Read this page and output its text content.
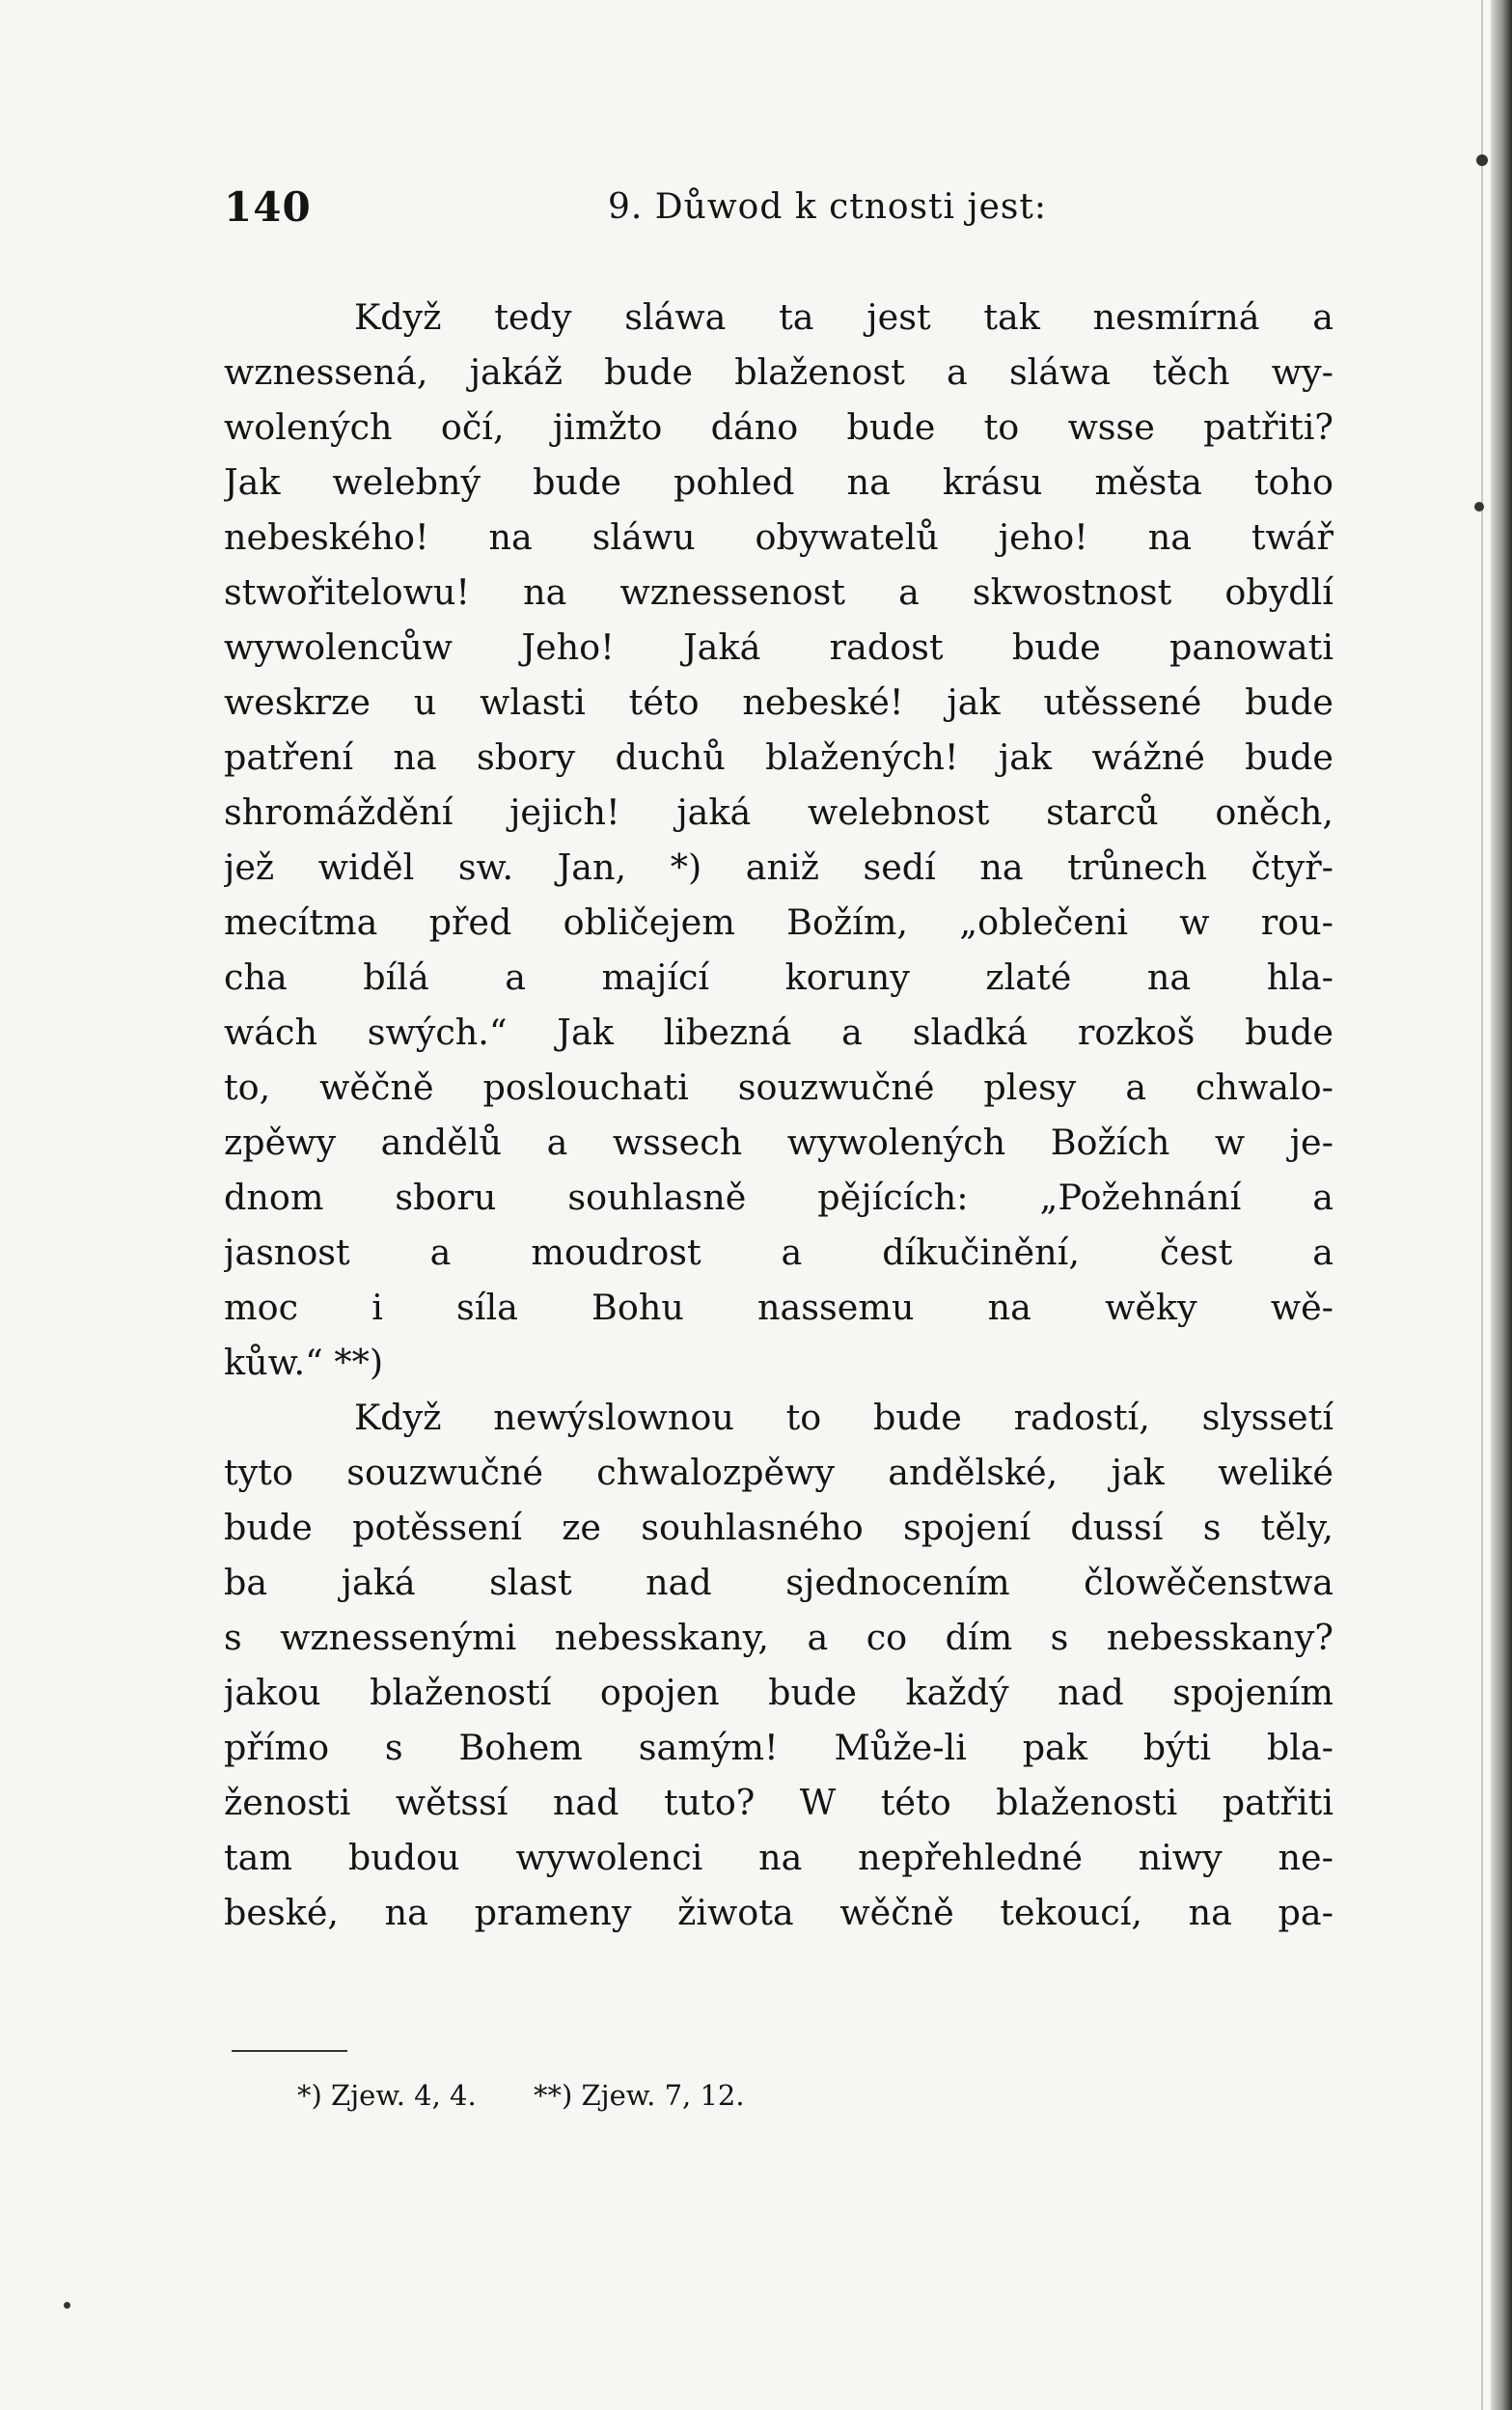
140	9. Důwod k ctnosti jest:
Když tedy sláwa ta jest tak nesmírná a
wznessená, jakáž bude blaženost a sláwa těch wy-
wolených očí, jimžto dáno bude to wsse patřiti?
Jak welebný bude pohled na krásu města toho
nebeského! na sláwu obywatelů jeho! na twář
stwořitelowu! na wznessenost a skwostnost obydlí
wywolencůw Jeho! Jaká radost bude panowati
weskrze u wlasti této nebeské! jak utěssené bude
patření na sbory duchů blažených! jak wážné bude
shromáždění jejich! jaká welebnost starců oněch,
jež widěl sw. Jan, *) aniž sedí na trůnech čtyř-
mecítma před obličejem Božím, „oblečeni w rou-
cha bílá a mající koruny zlaté na hla-
wách swých.“ Jak libezná a sladká rozkoš bude
to, wěčně poslouchati souzwučné plesy a chwalo-
zpěwy andělů a wssech wywolených Božích w je-
dnom sboru souhlasně pějících: „Požehnání a
jasnost a moudrost a díkučinění, čest a
moc i síla Bohu nassemu na wěky wě-
kůw.“ **)
Když newýslownou to bude radostí, slyssetí
tyto souzwučné chwalozpěwy andělské, jak weliké
bude potěssení ze souhlasného spojení dussí s těly,
ba jaká slast nad sjednocením člowěčenstwa
s wznessenými nebesskany, a co dím s nebesskany?
jakou blažeností opojen bude každý nad spojením
přímo s Bohem samým! Může-li pak býti bla-
ženosti wětssí nad tuto? W této blaženosti patřiti
tam budou wywolenci na nepřehledné niwy ne-
beské, na prameny žiwota wěčně tekoucí, na pa-
*) Zjew. 4, 4. **) Zjew. 7, 12.
